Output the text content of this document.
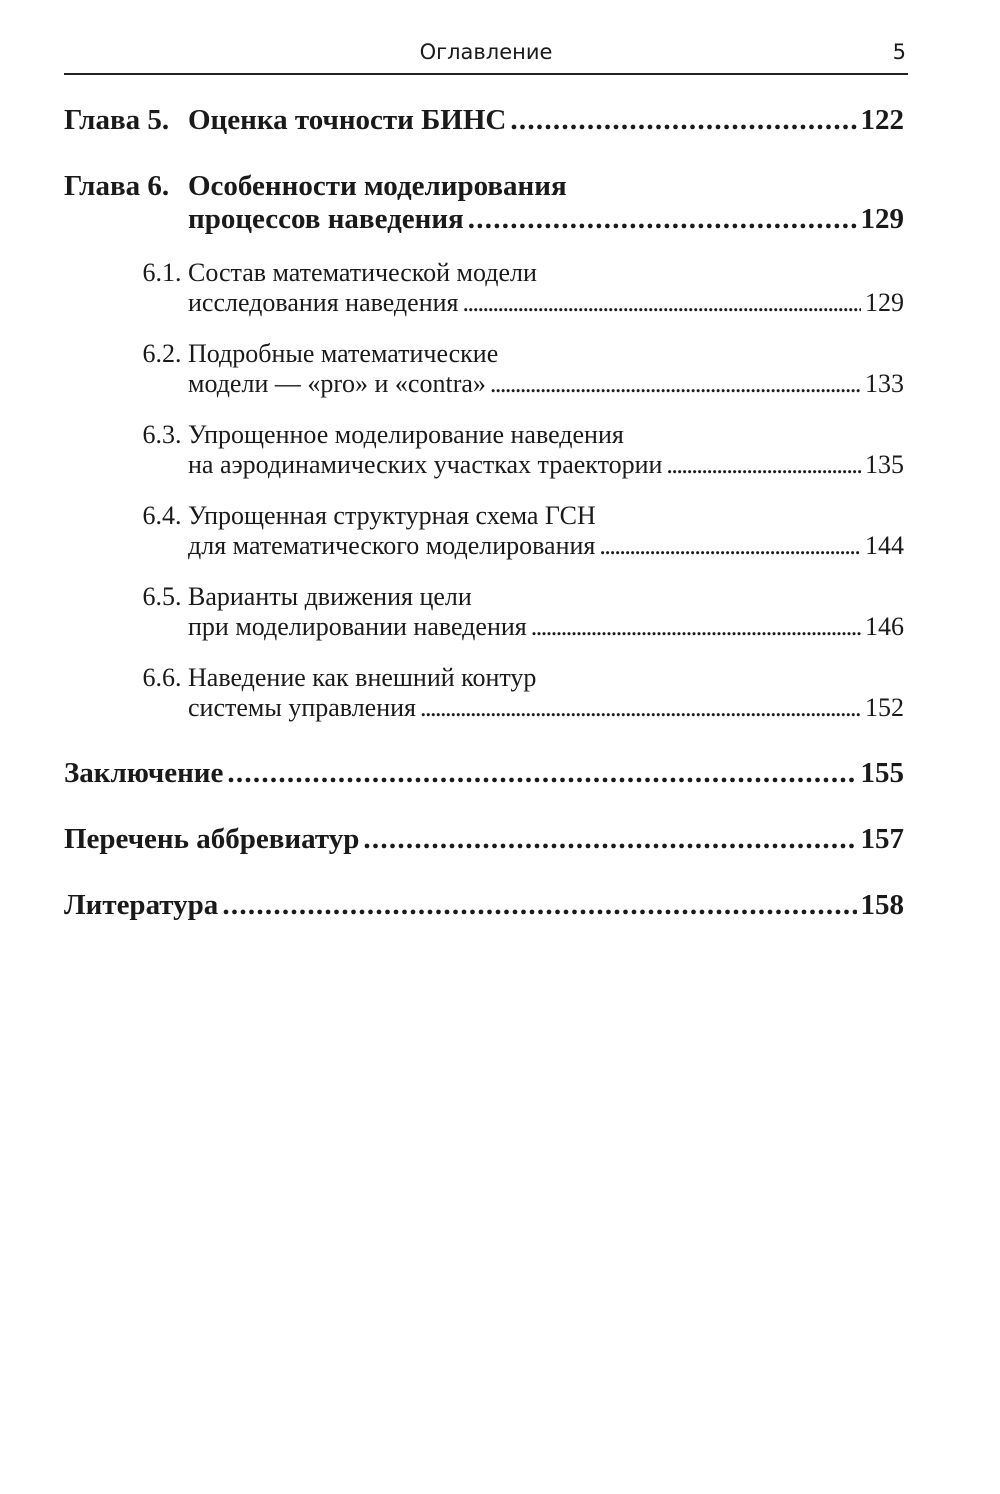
Оглавление	5
Глава 5. Оценка точности БИНС . . .	122
Глава 6. Особенности моделирования
процессов наведения . . .	129
6.1. Состав математической модели
исследования наведения . . .	129
6.2. Подробные математические
модели — «pro» и «contra» . . .	133
6.3. Упрощенное моделирование наведения
на аэродинамических участках траектории . . .	135
6.4. Упрощенная структурная схема ГСН
для математического моделирования . . .	144
6.5. Варианты движения цели
при моделировании наведения . . .	146
6.6. Наведение как внешний контур
системы управления . . .	152
Заключение . . .	155
Перечень аббревиатур . . .	157
Литература . . .	158
